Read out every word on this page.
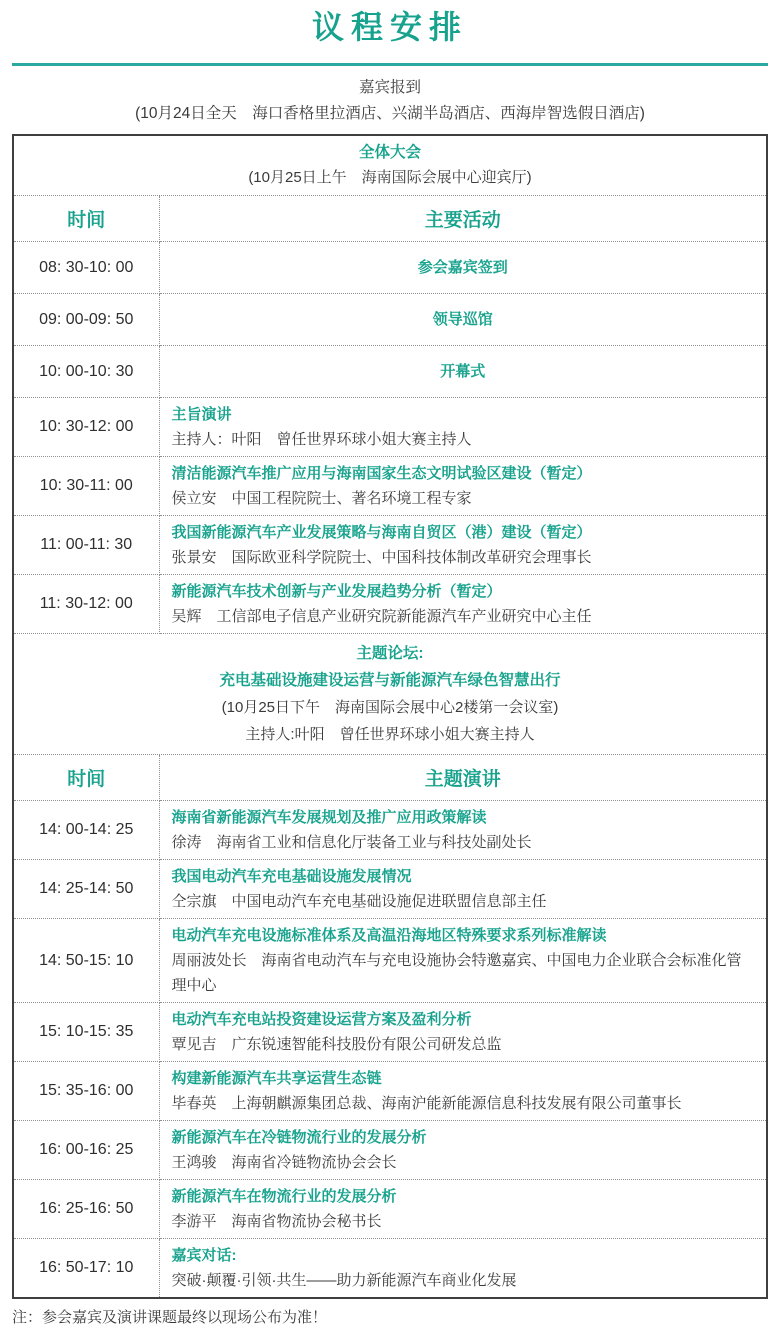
议程安排
嘉宾报到
(10月24日全天　海口香格里拉酒店、兴湖半岛酒店、西海岸智选假日酒店)
全体大会
(10月25日上午　海南国际会展中心迎宾厅)	

时间	主要活动
08: 30-10: 00	参会嘉宾签到

09: 00-09: 50	领导巡馆

10: 00-10: 30	开幕式

10: 30-12: 00	主旨演讲
主持人：叶阳　曾任世界环球小姐大赛主持人

10: 30-11: 00	清洁能源汽车推广应用与海南国家生态文明试验区建设（暂定）
侯立安　中国工程院院士、著名环境工程专家

11: 00-11: 30	我国新能源汽车产业发展策略与海南自贸区（港）建设（暂定）
张景安　国际欧亚科学院院士、中国科技体制改革研究会理事长

11: 30-12: 00	新能源汽车技术创新与产业发展趋势分析（暂定）
吴辉　工信部电子信息产业研究院新能源汽车产业研究中心主任

主题论坛:
充电基础设施建设运营与新能源汽车绿色智慧出行
(10月25日下午　海南国际会展中心2楼第一会议室)
主持人:叶阳　曾任世界环球小姐大赛主持人	

时间	主题演讲
14: 00-14: 25	海南省新能源汽车发展规划及推广应用政策解读
徐涛　海南省工业和信息化厅装备工业与科技处副处长

14: 25-14: 50	我国电动汽车充电基础设施发展情况
仝宗旗　中国电动汽车充电基础设施促进联盟信息部主任

14: 50-15: 10	电动汽车充电设施标准体系及高温沿海地区特殊要求系列标准解读
周丽波处长　海南省电动汽车与充电设施协会特邀嘉宾、中国电力企业联合会标准化管理中心

15: 10-15: 35	电动汽车充电站投资建设运营方案及盈利分析
覃见吉　广东锐速智能科技股份有限公司研发总监

15: 35-16: 00	构建新能源汽车共享运营生态链
毕春英　上海朝麒源集团总裁、海南沪能新能源信息科技发展有限公司董事长

16: 00-16: 25	新能源汽车在冷链物流行业的发展分析
王鸿骏　海南省冷链物流协会会长

16: 25-16: 50	新能源汽车在物流行业的发展分析
李游平　海南省物流协会秘书长

16: 50-17: 10	嘉宾对话:
突破·颠覆·引领·共生——助力新能源汽车商业化发展
注：参会嘉宾及演讲课题最终以现场公布为准！
